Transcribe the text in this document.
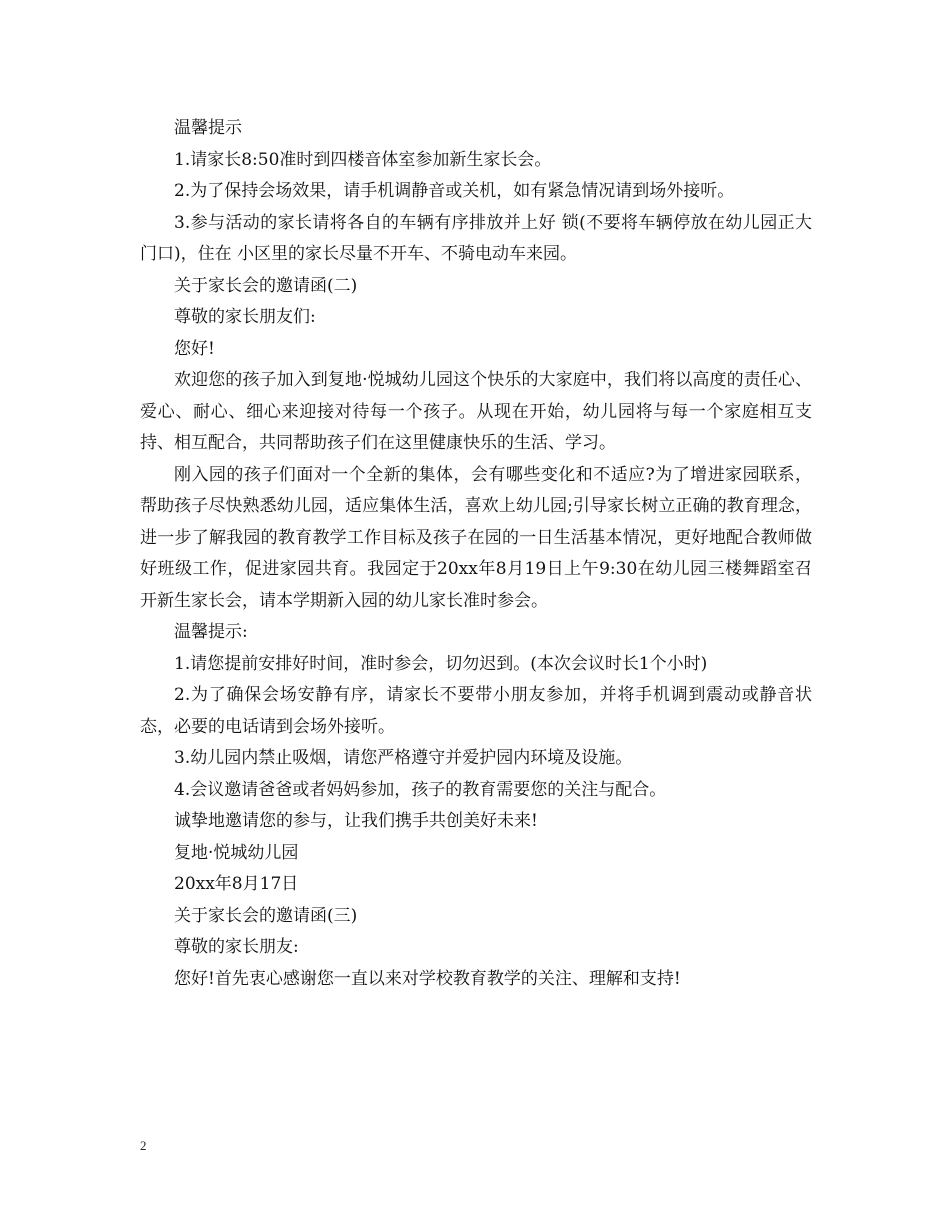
温馨提示

1.请家长8:50准时到四楼音体室参加新生家长会。

2.为了保持会场效果，请手机调静音或关机，如有紧急情况请到场外接听。

3.参与活动的家长请将各自的车辆有序排放并上好 锁(不要将车辆停放在幼儿园正大门口)，住在 小区里的家长尽量不开车、不骑电动车来园。

关于家长会的邀请函(二)

尊敬的家长朋友们:

您好!

欢迎您的孩子加入到复地·悦城幼儿园这个快乐的大家庭中，我们将以高度的责任心、爱心、耐心、细心来迎接对待每一个孩子。从现在开始，幼儿园将与每一个家庭相互支持、相互配合，共同帮助孩子们在这里健康快乐的生活、学习。

刚入园的孩子们面对一个全新的集体，会有哪些变化和不适应?为了增进家园联系，帮助孩子尽快熟悉幼儿园，适应集体生活，喜欢上幼儿园;引导家长树立正确的教育理念，进一步了解我园的教育教学工作目标及孩子在园的一日生活基本情况，更好地配合教师做好班级工作，促进家园共育。我园定于20xx年8月19日上午9:30在幼儿园三楼舞蹈室召开新生家长会，请本学期新入园的幼儿家长准时参会。

温馨提示:

1.请您提前安排好时间，准时参会，切勿迟到。(本次会议时长1个小时)

2.为了确保会场安静有序，请家长不要带小朋友参加，并将手机调到震动或静音状态，必要的电话请到会场外接听。

3.幼儿园内禁止吸烟，请您严格遵守并爱护园内环境及设施。

4.会议邀请爸爸或者妈妈参加，孩子的教育需要您的关注与配合。

诚挚地邀请您的参与，让我们携手共创美好未来!

复地·悦城幼儿园

20xx年8月17日

关于家长会的邀请函(三)

尊敬的家长朋友:

您好!首先衷心感谢您一直以来对学校教育教学的关注、理解和支持!

2
